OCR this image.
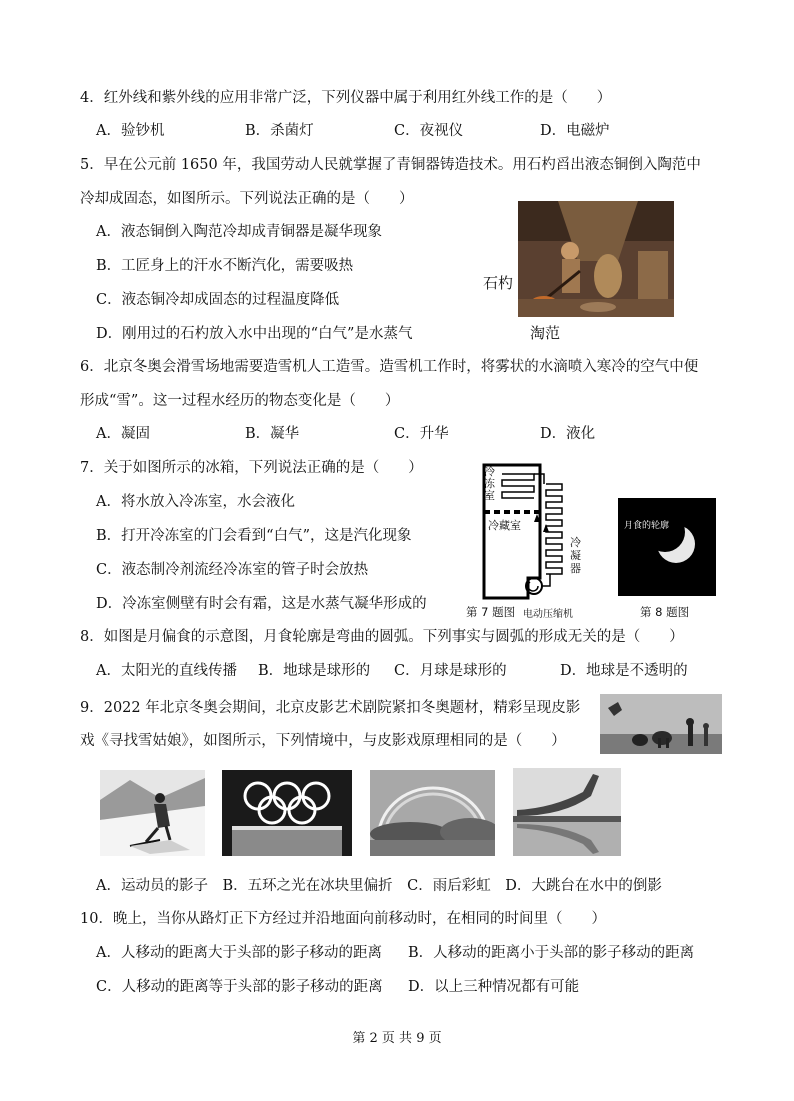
4．红外线和紫外线的应用非常广泛，下列仪器中属于利用红外线工作的是（　　）
A．验钞机	B．杀菌灯	C．夜视仪	D．电磁炉
5．早在公元前 1650 年，我国劳动人民就掌握了青铜器铸造技术。用石杓舀出液态铜倒入陶范中
冷却成固态，如图所示。下列说法正确的是（　　）
A．液态铜倒入陶范冷却成青铜器是凝华现象
B．工匠身上的汗水不断汽化，需要吸热
C．液态铜冷却成固态的过程温度降低
D．刚用过的石杓放入水中出现的“白气”是水蒸气
石杓
淘范
6．北京冬奥会滑雪场地需要造雪机人工造雪。造雪机工作时，将雾状的水滴喷入寒冷的空气中便
形成“雪”。这一过程水经历的物态变化是（　　）
A．凝固	B．凝华	C．升华	D．液化
7．关于如图所示的冰箱，下列说法正确的是（　　）
A．将水放入冷冻室，水会液化
B．打开冷冻室的门会看到“白气”，这是汽化现象
C．液态制冷剂流经冷冻室的管子时会放热
D．冷冻室侧壁有时会有霜，这是水蒸气凝华形成的
冷冻室
冷藏室
冷凝器
电动压缩机
第 7 题图
月食的轮廓
第 8 题图
8．如图是月偏食的示意图，月食轮廓是弯曲的圆弧。下列事实与圆弧的形成无关的是（　　）
A．太阳光的直线传播 B．地球是球形的 C．月球是球形的	D．地球是不透明的
9．2022 年北京冬奥会期间，北京皮影艺术剧院紧扣冬奥题材，精彩呈现皮影
戏《寻找雪姑娘》，如图所示，下列情境中，与皮影戏原理相同的是（　　）
A．运动员的影子　B．五环之光在冰块里偏折　C．雨后彩虹　D．大跳台在水中的倒影
10．晚上，当你从路灯正下方经过并沿地面向前移动时，在相同的时间里（　　）
A．人移动的距离大于头部的影子移动的距离 B．人移动的距离小于头部的影子移动的距离
C．人移动的距离等于头部的影子移动的距离 D．以上三种情况都有可能
第 2 页 共 9 页
